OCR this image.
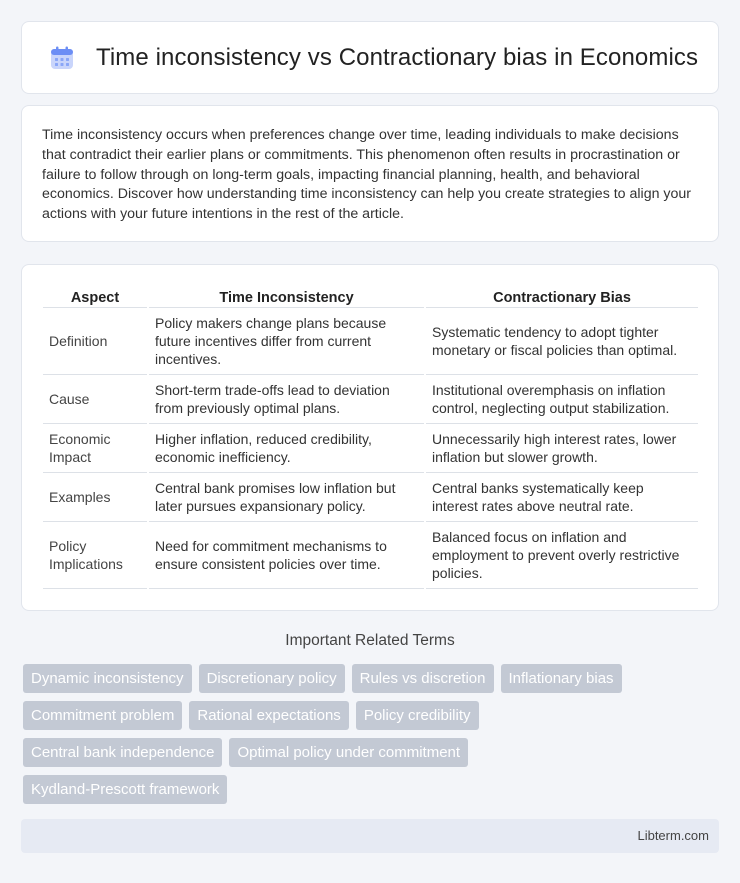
Time inconsistency vs Contractionary bias in Economics

Time inconsistency occurs when preferences change over time, leading individuals to make decisions that contradict their earlier plans or commitments. This phenomenon often results in procrastination or failure to follow through on long-term goals, impacting financial planning, health, and behavioral economics. Discover how understanding time inconsistency can help you create strategies to align your actions with your future intentions in the rest of the article.

Aspect	Time Inconsistency	Contractionary Bias
Definition	Policy makers change plans because future incentives differ from current incentives.	Systematic tendency to adopt tighter monetary or fiscal policies than optimal.
Cause	Short-term trade-offs lead to deviation from previously optimal plans.	Institutional overemphasis on inflation control, neglecting output stabilization.
Economic Impact	Higher inflation, reduced credibility, economic inefficiency.	Unnecessarily high interest rates, lower inflation but slower growth.
Examples	Central bank promises low inflation but later pursues expansionary policy.	Central banks systematically keep interest rates above neutral rate.
Policy Implications	Need for commitment mechanisms to ensure consistent policies over time.	Balanced focus on inflation and employment to prevent overly restrictive policies.
Important Related Terms
Dynamic inconsistency	Discretionary policy	Rules vs discretion	Inflationary bias
Commitment problem	Rational expectations	Policy credibility
Central bank independence	Optimal policy under commitment
Kydland-Prescott framework
Libterm.com
